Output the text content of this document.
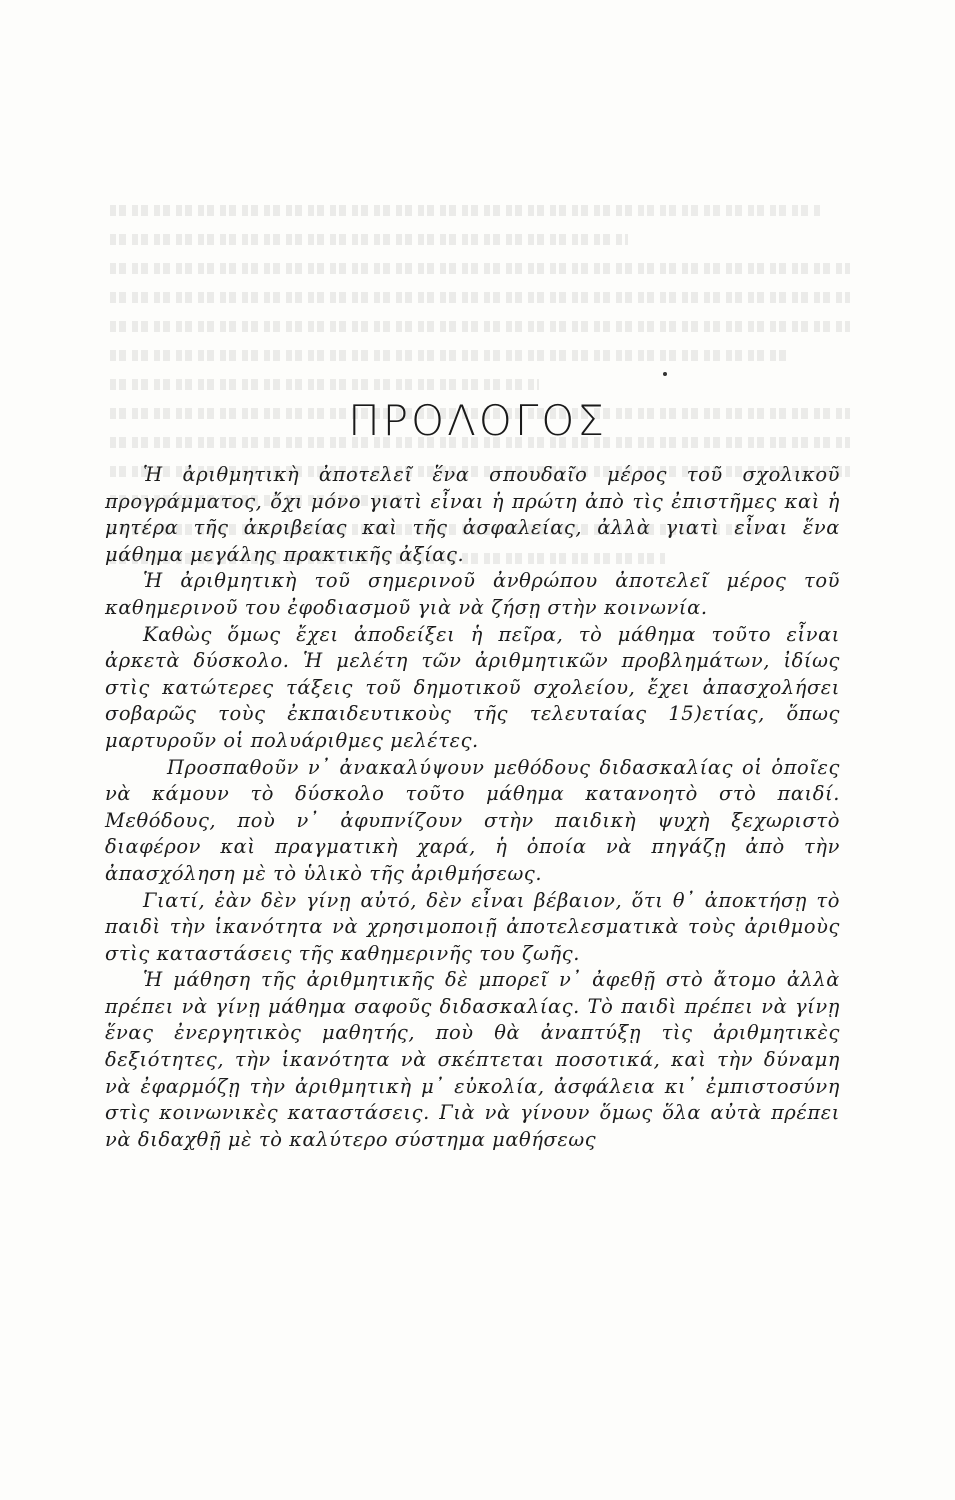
ΠΡΟΛΟΓΟΣ

Ἡ ἀριθμητικὴ ἀποτελεῖ ἕνα σπουδαῖο μέρος τοῦ σχολικοῦ προγράμματος, ὄχι μόνο γιατὶ εἶναι ἡ πρώτη ἀπὸ τὶς ἐπιστῆμες καὶ ἡ μητέρα τῆς ἀκριβείας καὶ τῆς ἀσφαλείας, ἀλλὰ γιατὶ εἶναι ἕνα μάθημα μεγάλης πρακτικῆς ἀξίας.

Ἡ ἀριθμητικὴ τοῦ σημερινοῦ ἀνθρώπου ἀποτελεῖ μέρος τοῦ καθημερινοῦ του ἐφοδιασμοῦ γιὰ νὰ ζήσῃ στὴν κοινωνία.

Καθὼς ὅμως ἔχει ἀποδείξει ἡ πεῖρα, τὸ μάθημα τοῦτο εἶναι ἀρκετὰ δύσκολο. Ἡ μελέτη τῶν ἀριθμητικῶν προβλημάτων, ἰδίως στὶς κατώτερες τάξεις τοῦ δημοτικοῦ σχολείου, ἔχει ἀπασχολήσει σοβαρῶς τοὺς ἐκπαιδευτικοὺς τῆς τελευταίας 15)ετίας, ὅπως μαρτυροῦν οἱ πολυάριθμες μελέτες.

Προσπαθοῦν ν᾿ ἀνακαλύψουν μεθόδους διδασκαλίας οἱ ὁποῖες νὰ κάμουν τὸ δύσκολο τοῦτο μάθημα κατανοητὸ στὸ παιδί. Μεθόδους, ποὺ ν᾿ ἀφυπνίζουν στὴν παιδικὴ ψυχὴ ξεχωριστὸ διαφέρον καὶ πραγματικὴ χαρά, ἡ ὁποία νὰ πηγάζῃ ἀπὸ τὴν ἀπασχόληση μὲ τὸ ὑλικὸ τῆς ἀριθμήσεως.

Γιατί, ἐὰν δὲν γίνῃ αὐτό, δὲν εἶναι βέβαιον, ὅτι θ᾿ ἀποκτήσῃ τὸ παιδὶ τὴν ἱκανότητα νὰ χρησιμοποιῇ ἀποτελεσματικὰ τοὺς ἀριθμοὺς στὶς καταστάσεις τῆς καθημερινῆς του ζωῆς.

Ἡ μάθηση τῆς ἀριθμητικῆς δὲ μπορεῖ ν᾿ ἀφεθῇ στὸ ἄτομο ἀλλὰ πρέπει νὰ γίνῃ μάθημα σαφοῦς διδασκαλίας. Τὸ παιδὶ πρέπει νὰ γίνῃ ἕνας ἐνεργητικὸς μαθητής, ποὺ θὰ ἀναπτύξῃ τὶς ἀριθμητικὲς δεξιότητες, τὴν ἱκανότητα νὰ σκέπτεται ποσοτικά, καὶ τὴν δύναμη νὰ ἐφαρμόζῃ τὴν ἀριθμητικὴ μ᾿ εὐκολία, ἀσφάλεια κι᾿ ἐμπιστοσύνη στὶς κοινωνικὲς καταστάσεις. Γιὰ νὰ γίνουν ὅμως ὅλα αὐτὰ πρέπει νὰ διδαχθῇ μὲ τὸ καλύτερο σύστημα μαθήσεως
